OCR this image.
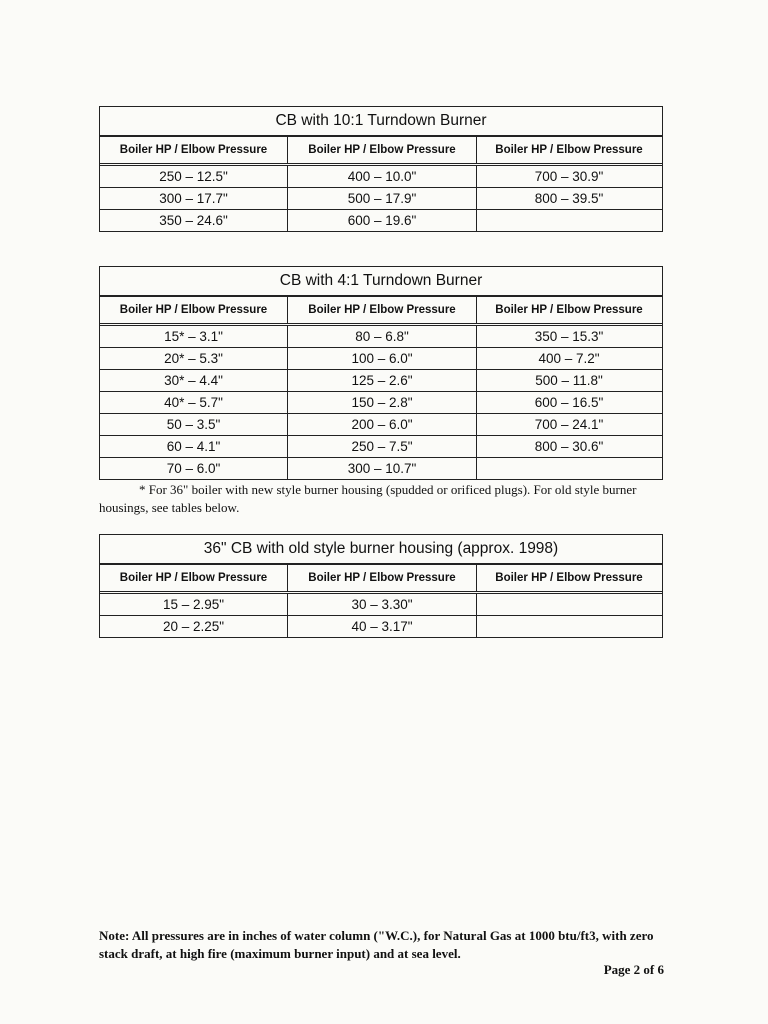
CB with 10:1 Turndown Burner
Boiler HP / Elbow Pressure	Boiler HP / Elbow Pressure	Boiler HP / Elbow Pressure
250 – 12.5"	400 – 10.0"	700 – 30.9"
300 – 17.7"	500 – 17.9"	800 – 39.5"
350 – 24.6"	600 – 19.6"
CB with 4:1 Turndown Burner
Boiler HP / Elbow Pressure	Boiler HP / Elbow Pressure	Boiler HP / Elbow Pressure
15* – 3.1"	80 – 6.8"	350 – 15.3"
20* – 5.3"	100 – 6.0"	400 – 7.2"
30* – 4.4"	125 – 2.6"	500 – 11.8"
40* – 5.7"	150 – 2.8"	600 – 16.5"
50 – 3.5"	200 – 6.0"	700 – 24.1"
60 – 4.1"	250 – 7.5"	800 – 30.6"
70 – 6.0"	300 – 10.7"
* For 36" boiler with new style burner housing (spudded or orificed plugs). For old style burner housings, see tables below.
36" CB with old style burner housing (approx. 1998)
Boiler HP / Elbow Pressure	Boiler HP / Elbow Pressure	Boiler HP / Elbow Pressure
15 – 2.95"	30 – 3.30"
20 – 2.25"	40 – 3.17"
Note: All pressures are in inches of water column ("W.C.), for Natural Gas at 1000 btu/ft3, with zero stack draft, at high fire (maximum burner input) and at sea level.
Page 2 of 6
